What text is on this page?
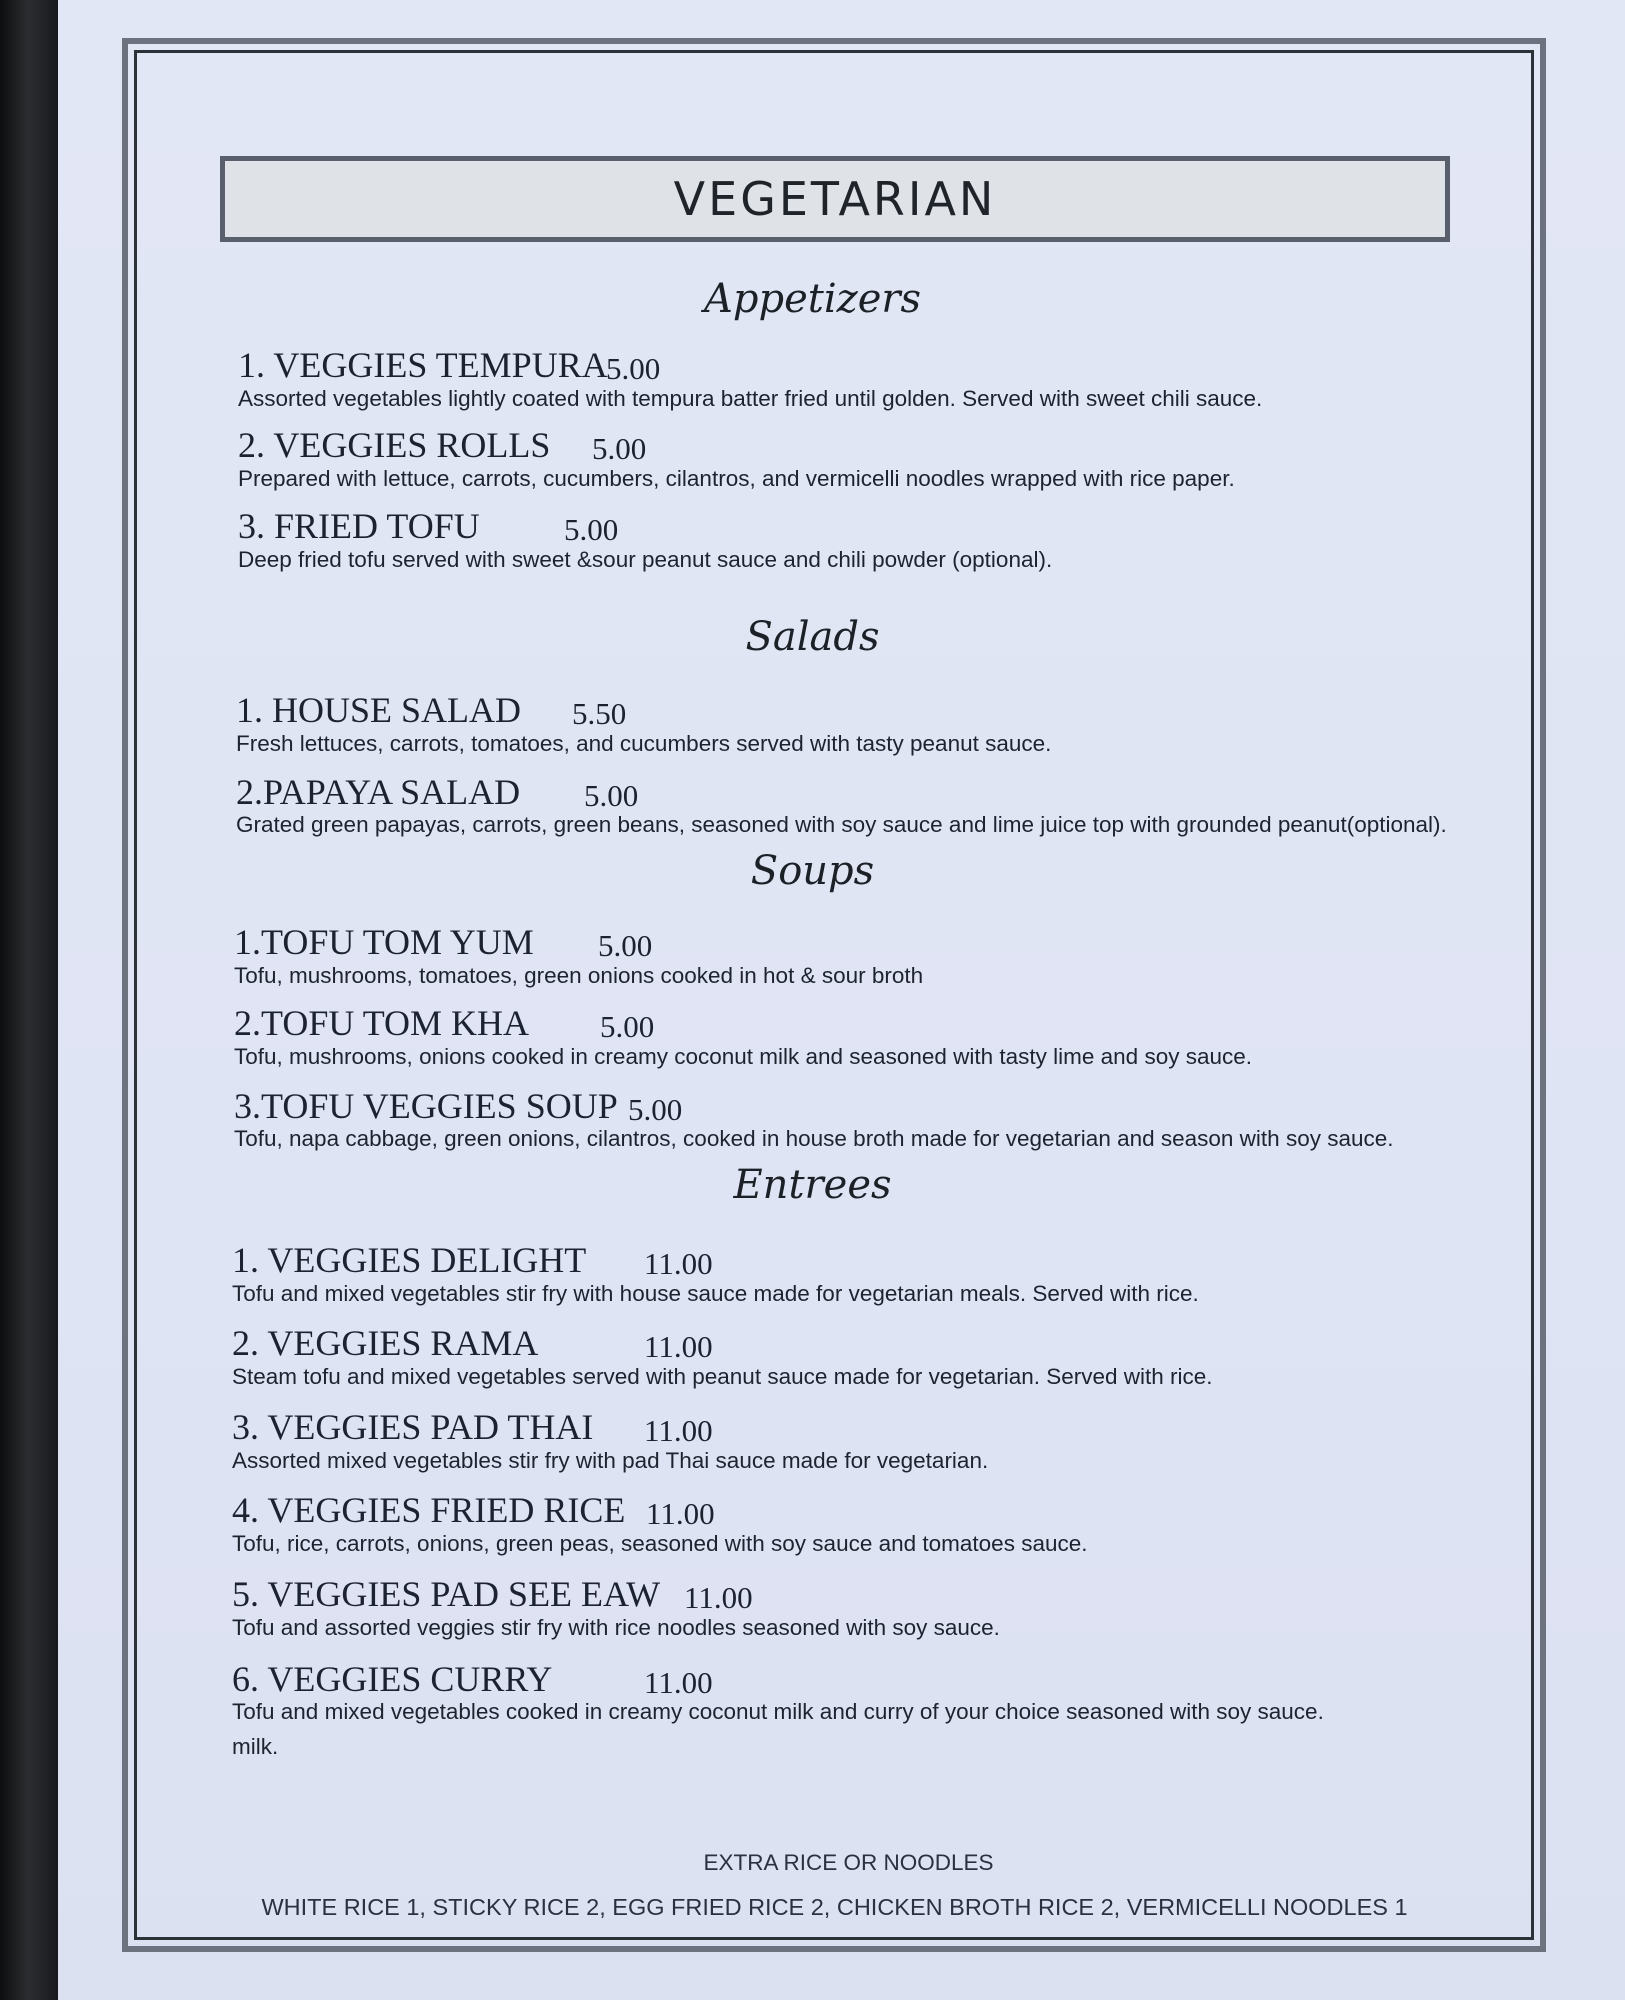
VEGETARIAN
Appetizers
1. VEGGIES TEMPURA
5.00
Assorted vegetables lightly coated with tempura batter fried until golden. Served with sweet chili sauce.
2. VEGGIES ROLLS	5.00
Prepared with lettuce, carrots, cucumbers, cilantros, and vermicelli noodles wrapped with rice paper.
3. FRIED TOFU	5.00
Deep fried tofu served with sweet &sour peanut sauce and chili powder (optional).
Salads
1. HOUSE SALAD	5.50
Fresh lettuces, carrots, tomatoes, and cucumbers served with tasty peanut sauce.
2.PAPAYA SALAD	5.00
Grated green papayas, carrots, green beans, seasoned with soy sauce and lime juice top with grounded peanut(optional).
Soups
1.TOFU TOM YUM	5.00
Tofu, mushrooms, tomatoes, green onions cooked in hot & sour broth
2.TOFU TOM KHA	5.00
Tofu, mushrooms, onions cooked in creamy coconut milk and seasoned with tasty lime and soy sauce.
3.TOFU VEGGIES SOUP 5.00
Tofu, napa cabbage, green onions, cilantros, cooked in house broth made for vegetarian and season with soy sauce.
Entrees
1. VEGGIES DELIGHT	11.00
Tofu and mixed vegetables stir fry with house sauce made for vegetarian meals. Served with rice.
2. VEGGIES RAMA	11.00
Steam tofu and mixed vegetables served with peanut sauce made for vegetarian. Served with rice.
3. VEGGIES PAD THAI	11.00
Assorted mixed vegetables stir fry with pad Thai sauce made for vegetarian.
4. VEGGIES FRIED RICE 11.00
Tofu, rice, carrots, onions, green peas, seasoned with soy sauce and tomatoes sauce.
5. VEGGIES PAD SEE EAW 11.00
Tofu and assorted veggies stir fry with rice noodles seasoned with soy sauce.
6. VEGGIES CURRY	11.00
Tofu and mixed vegetables cooked in creamy coconut milk and curry of your choice seasoned with soy sauce.
milk.
EXTRA RICE OR NOODLES
WHITE RICE 1, STICKY RICE 2, EGG FRIED RICE 2, CHICKEN BROTH RICE 2, VERMICELLI NOODLES 1
